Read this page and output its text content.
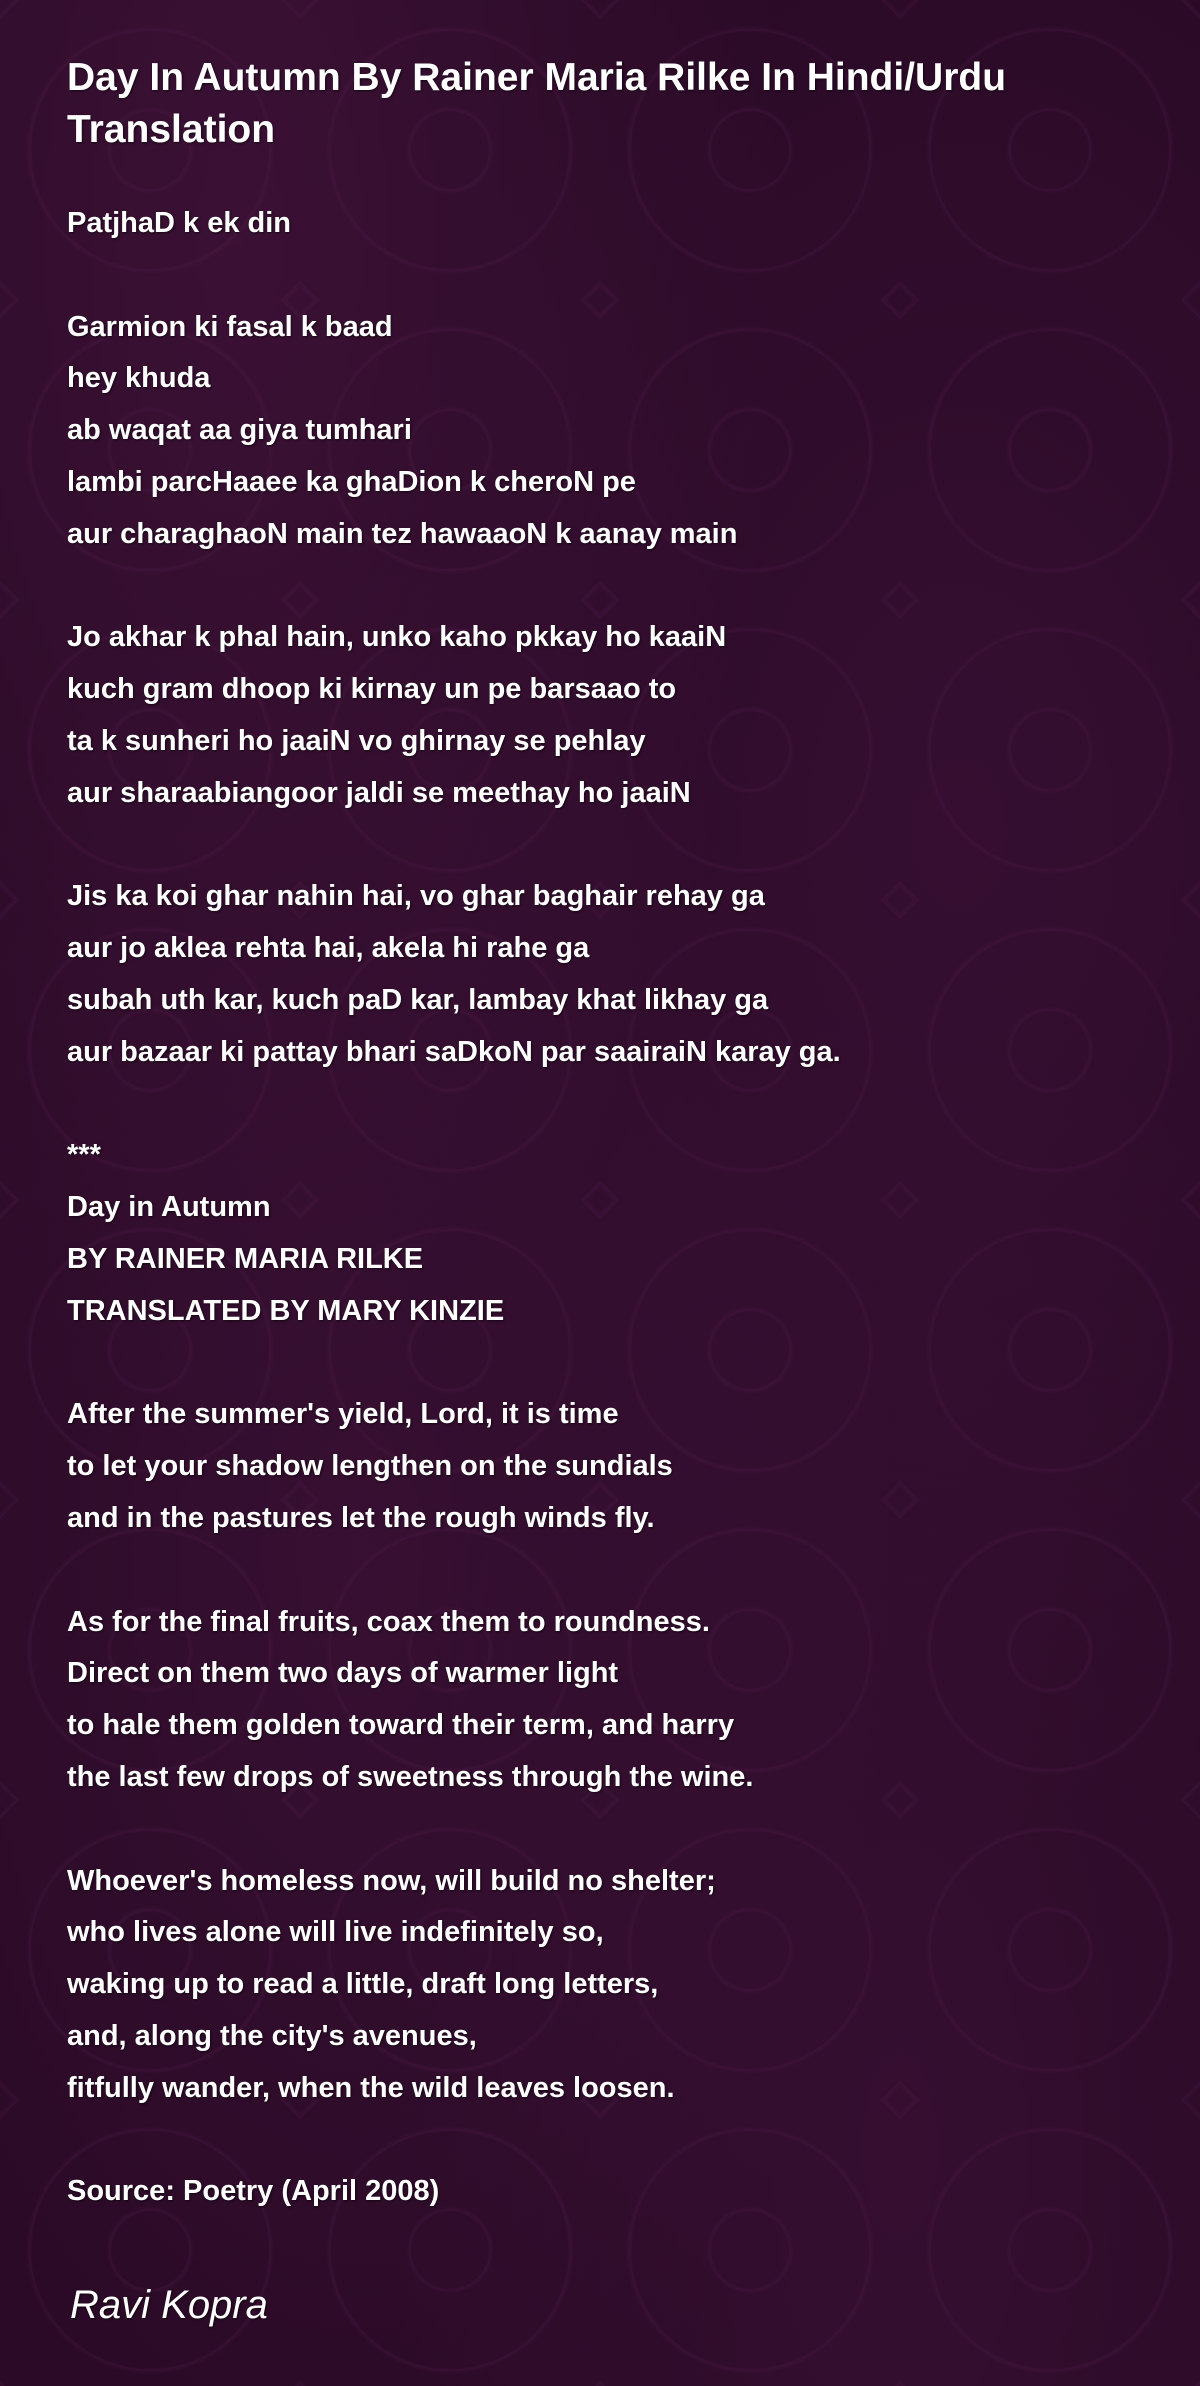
Day In Autumn By Rainer Maria Rilke In Hindi/Urdu Translation
PatjhaD k ek din
Garmion ki fasal k baad
hey khuda
ab waqat aa giya tumhari
lambi parcHaaee ka ghaDion k cheroN pe
aur charaghaoN main tez hawaaoN k aanay main
Jo akhar k phal hain, unko kaho pkkay ho kaaiN
kuch gram dhoop ki kirnay un pe barsaao to
ta k sunheri ho jaaiN vo ghirnay se pehlay
aur sharaabiangoor jaldi se meethay ho jaaiN
Jis ka koi ghar nahin hai, vo ghar baghair rehay ga
aur jo aklea rehta hai, akela hi rahe ga
subah uth kar, kuch paD kar, lambay khat likhay ga
aur bazaar ki pattay bhari saDkoN par saairaiN karay ga.
***
Day in Autumn
BY RAINER MARIA RILKE
TRANSLATED BY MARY KINZIE
After the summer's yield, Lord, it is time
to let your shadow lengthen on the sundials
and in the pastures let the rough winds fly.
As for the final fruits, coax them to roundness.
Direct on them two days of warmer light
to hale them golden toward their term, and harry
the last few drops of sweetness through the wine.
Whoever's homeless now, will build no shelter;
who lives alone will live indefinitely so,
waking up to read a little, draft long letters,
and, along the city's avenues,
fitfully wander, when the wild leaves loosen.
Source: Poetry (April 2008)
Ravi Kopra
